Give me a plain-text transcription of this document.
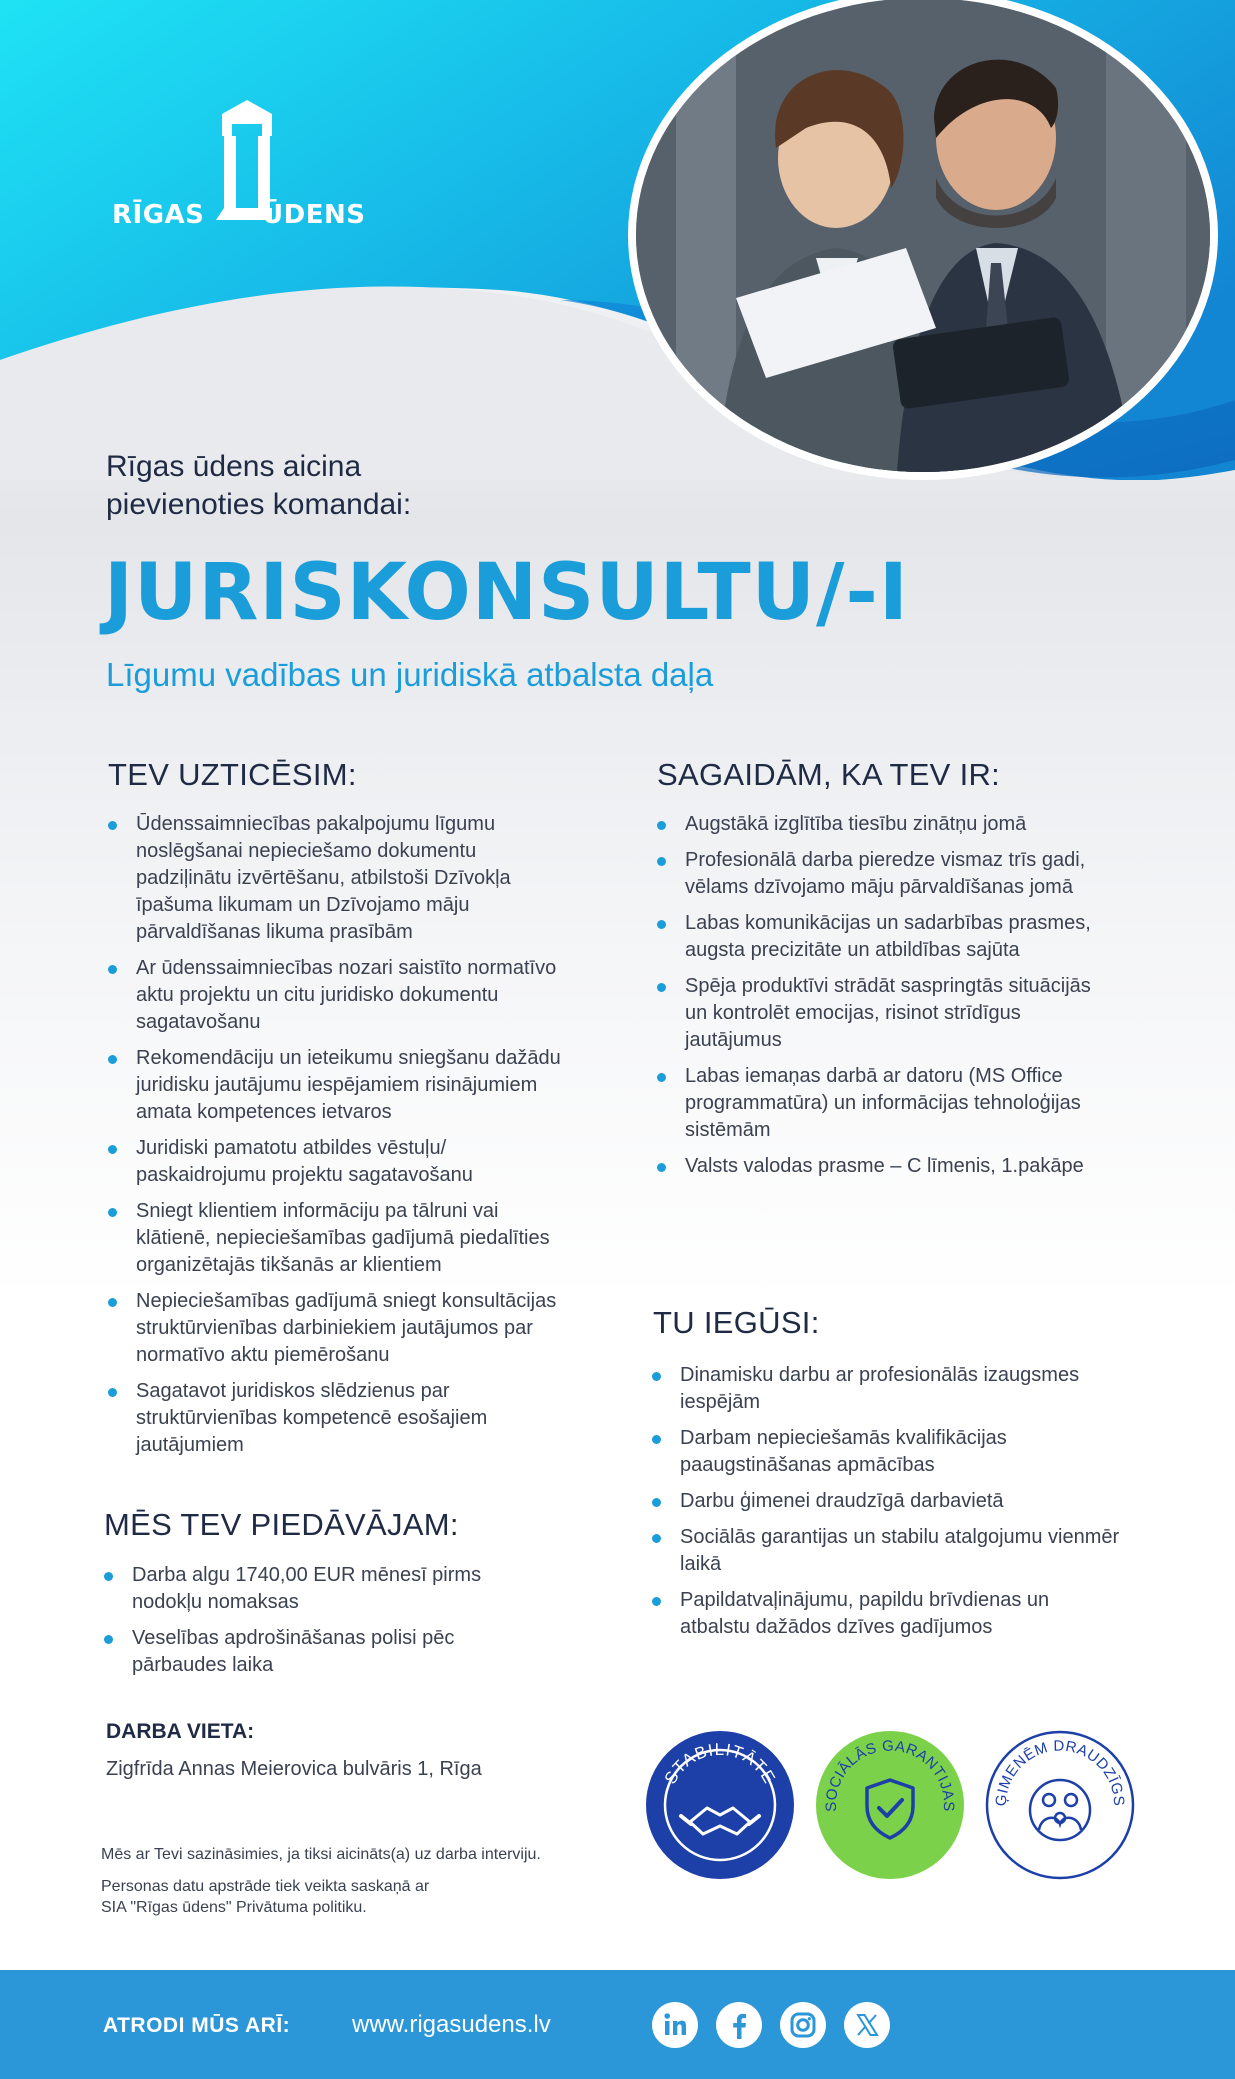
RĪGAS ŪDENS
Rīgas ūdens aicina
pievienoties komandai:
JURISKONSULTU/-I
Līgumu vadības un juridiskā atbalsta daļa
TEV UZTICĒSIM:
Ūdenssaimniecības pakalpojumu līgumu noslēgšanai nepieciešamo dokumentu padziļinātu izvērtēšanu, atbilstoši Dzīvokļa īpašuma likumam un Dzīvojamo māju pārvaldīšanas likuma prasībām
Ar ūdenssaimniecības nozari saistīto normatīvo aktu projektu un citu juridisko dokumentu sagatavošanu
Rekomendāciju un ieteikumu sniegšanu dažādu juridisku jautājumu iespējamiem risinājumiem amata kompetences ietvaros
Juridiski pamatotu atbildes vēstuļu/ paskaidrojumu projektu sagatavošanu
Sniegt klientiem informāciju pa tālruni vai klātienē, nepieciešamības gadījumā piedalīties organizētajās tikšanās ar klientiem
Nepieciešamības gadījumā sniegt konsultācijas struktūrvienības darbiniekiem jautājumos par normatīvo aktu piemērošanu
Sagatavot juridiskos slēdzienus par struktūrvienības kompetencē esošajiem jautājumiem
SAGAIDĀM, KA TEV IR:
Augstākā izglītība tiesību zinātņu jomā
Profesionālā darba pieredze vismaz trīs gadi, vēlams dzīvojamo māju pārvaldīšanas jomā
Labas komunikācijas un sadarbības prasmes, augsta precizitāte un atbildības sajūta
Spēja produktīvi strādāt saspringtās situācijās un kontrolēt emocijas, risinot strīdīgus jautājumus
Labas iemaņas darbā ar datoru (MS Office programmatūra) un informācijas tehnoloģijas sistēmām
Valsts valodas prasme – C līmenis, 1.pakāpe
TU IEGŪSI:
Dinamisku darbu ar profesionālās izaugsmes iespējām
Darbam nepieciešamās kvalifikācijas paaugstināšanas apmācības
Darbu ģimenei draudzīgā darbavietā
Sociālās garantijas un stabilu atalgojumu vienmēr laikā
Papildatvaļinājumu, papildu brīvdienas un atbalstu dažādos dzīves gadījumos
MĒS TEV PIEDĀVĀJAM:
Darba algu 1740,00 EUR mēnesī pirms nodokļu nomaksas
Veselības apdrošināšanas polisi pēc pārbaudes laika
DARBA VIETA:
Zigfrīda Annas Meierovica bulvāris 1, Rīga
Mēs ar Tevi sazināsimies, ja tiksi aicināts(a) uz darba interviju.
Personas datu apstrāde tiek veikta saskaņā ar
SIA "Rīgas ūdens" Privātuma politiku.
STABILITĀTE
SOCIĀLĀS GARANTIJAS ĢIMENĒM DRAUDZĪGS
ATRODI MŪS ARĪ:	www.rigasudens.lv
